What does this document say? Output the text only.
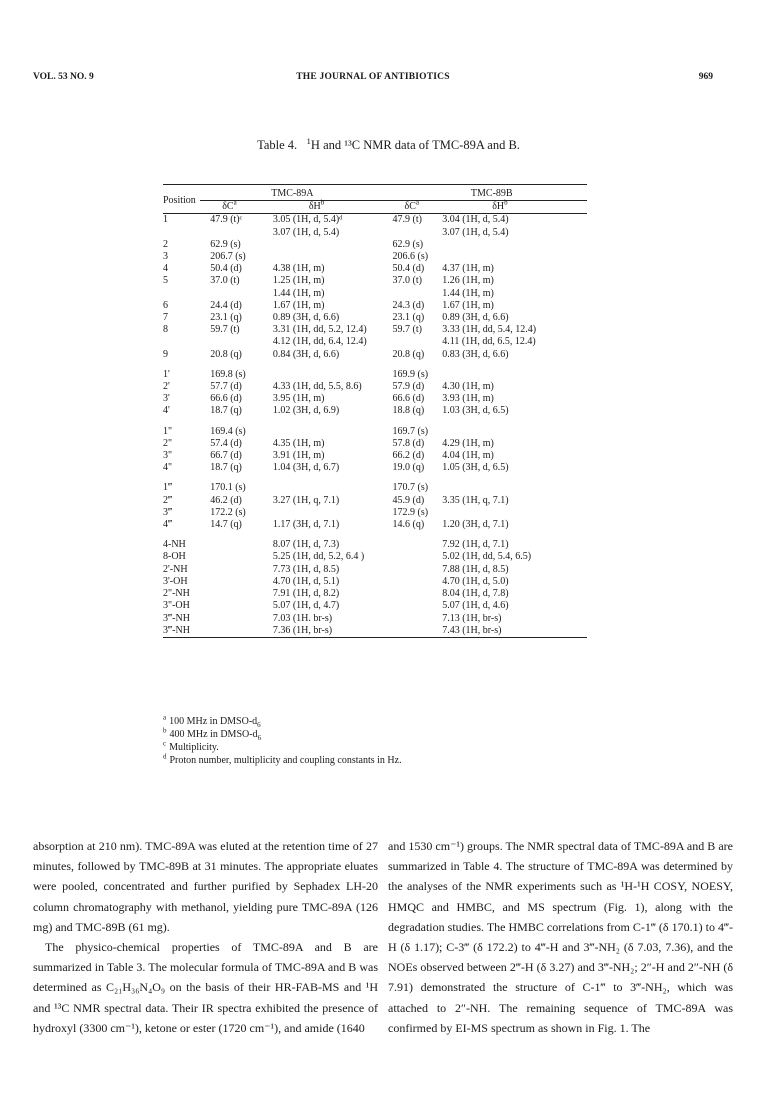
VOL. 53 NO. 9	THE JOURNAL OF ANTIBIOTICS	969
Table 4. $^1$H and ¹³C NMR data of TMC-89A and B.
Position	TMC-89A		TMC-89B	
	$\delta C^a$	$\delta H^b$	$\delta C^a$	$\delta H^b$
1	47.9 (t)ᶜ	3.05 (1H, d, 5.4)ᵈ	47.9 (t)	3.04 (1H, d, 5.4)
		3.07 (1H, d, 5.4)		3.07 (1H, d, 5.4)
2	62.9 (s)		62.9 (s)	
3	206.7 (s)		206.6 (s)	
4	50.4 (d)	4.38 (1H, m)	50.4 (d)	4.37 (1H, m)
5	37.0 (t)	1.25 (1H, m)	37.0 (t)	1.26 (1H, m)
		1.44 (1H, m)		1.44 (1H, m)
6	24.4 (d)	1.67 (1H, m)	24.3 (d)	1.67 (1H, m)
7	23.1 (q)	0.89 (3H, d, 6.6)	23.1 (q)	0.89 (3H, d, 6.6)
8	59.7 (t)	3.31 (1H, dd, 5.2, 12.4)	59.7 (t)	3.33 (1H, dd, 5.4, 12.4)
		4.12 (1H, dd, 6.4, 12.4)		4.11 (1H, dd, 6.5, 12.4)
9	20.8 (q)	0.84 (3H, d, 6.6)	20.8 (q)	0.83 (3H, d, 6.6)

1'	169.8 (s)		169.9 (s)	
2'	57.7 (d)	4.33 (1H, dd, 5.5, 8.6)	57.9 (d)	4.30 (1H, m)
3'	66.6 (d)	3.95 (1H, m)	66.6 (d)	3.93 (1H, m)
4'	18.7 (q)	1.02 (3H, d, 6.9)	18.8 (q)	1.03 (3H, d, 6.5)

1"	169.4 (s)		169.7 (s)	
2"	57.4 (d)	4.35 (1H, m)	57.8 (d)	4.29 (1H, m)
3"	66.7 (d)	3.91 (1H, m)	66.2 (d)	4.04 (1H, m)
4"	18.7 (q)	1.04 (3H, d, 6.7)	19.0 (q)	1.05 (3H, d, 6.5)

1‴	170.1 (s)		170.7 (s)	
2‴	46.2 (d)	3.27 (1H, q, 7.1)	45.9 (d)	3.35 (1H, q, 7.1)
3‴	172.2 (s)		172.9 (s)	
4‴	14.7 (q)	1.17 (3H, d, 7.1)	14.6 (q)	1.20 (3H, d, 7.1)

4-NH		8.07 (1H, d, 7.3)		7.92 (1H, d, 7.1)
8-OH		5.25 (1H, dd, 5.2, 6.4 )		5.02 (1H, dd, 5.4, 6.5)
2'-NH		7.73 (1H, d, 8.5)		7.88 (1H, d, 8.5)
3'-OH		4.70 (1H, d, 5.1)		4.70 (1H, d, 5.0)
2"-NH		7.91 (1H, d, 8.2)		8.04 (1H, d, 7.8)
3"-OH		5.07 (1H, d, 4.7)		5.07 (1H, d, 4.6)
3‴-NH		7.03 (1H. br-s)		7.13 (1H, br-s)
3‴-NH		7.36 (1H, br-s)		7.43 (1H, br-s)
$^a$ 100 MHz in DMSO-$d_6$
$^b$ 400 MHz in DMSO-$d_6$
$^c$ Multiplicity.
$^d$ Proton number, multiplicity and coupling constants in Hz.

absorption at 210 nm). TMC-89A was eluted at the retention time of 27 minutes, followed by TMC-89B at 31 minutes. The appropriate eluates were pooled, concentrated and further purified by Sephadex LH-20 column chromatography with methanol, yielding pure TMC-89A (126 mg) and TMC-89B (61 mg).

The physico-chemical properties of TMC-89A and B are summarized in Table 3. The molecular formula of TMC-89A and B was determined as C₂₁H₃₆N₄O₉ on the basis of their HR-FAB-MS and ¹H and ¹³C NMR spectral data. Their IR spectra exhibited the presence of hydroxyl (3300 cm⁻¹), ketone or ester (1720 cm⁻¹), and amide (1640

and 1530 cm⁻¹) groups. The NMR spectral data of TMC-89A and B are summarized in Table 4. The structure of TMC-89A was determined by the analyses of the NMR experiments such as ¹H-¹H COSY, NOESY, HMQC and HMBC, and MS spectrum (Fig. 1), along with the degradation studies. The HMBC correlations from C-1‴ (δ 170.1) to 4‴-H (δ 1.17); C-3‴ (δ 172.2) to 4‴-H and 3‴-NH₂ (δ 7.03, 7.36), and the NOEs observed between 2‴-H (δ 3.27) and 3‴-NH₂; 2″-H and 2″-NH (δ 7.91) demonstrated the structure of C-1‴ to 3‴-NH₂, which was attached to 2″-NH. The remaining sequence of TMC-89A was confirmed by EI-MS spectrum as shown in Fig. 1. The
